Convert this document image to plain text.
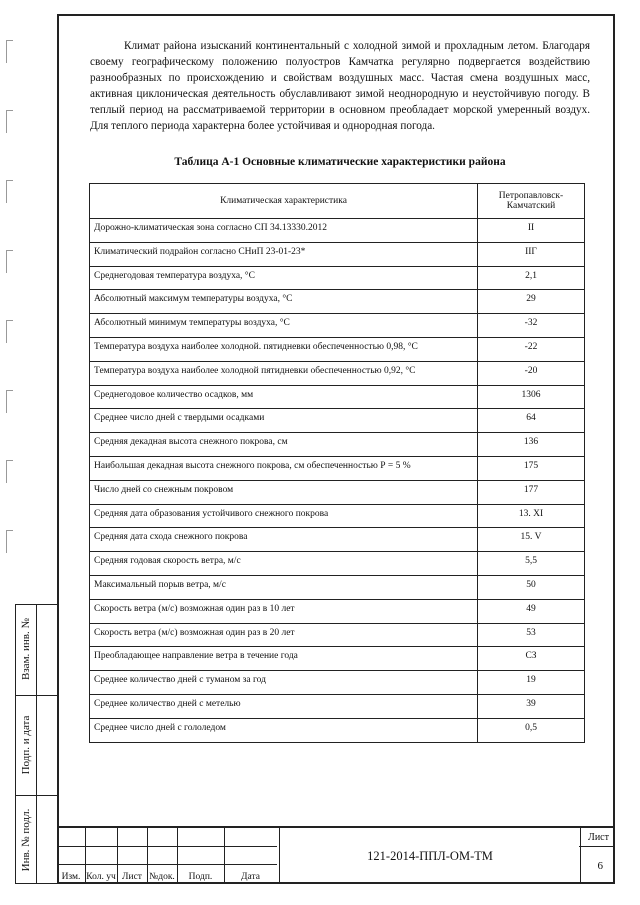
Взам. инв. №
Подп. и дата
Инв. № подл.

Климат района изысканий континентальный с холодной зимой и прохладным летом. Благодаря своему географическому положению полуостров Камчатка регулярно подвергается воздействию разнообразных по происхождению и свойствам воздушных масс. Частая смена воздушных масс, активная циклоническая деятельность обуславливают зимой неоднородную и неустойчивую погоду. В теплый период на рассматриваемой территории в основном преобладает морской умеренный воздух. Для теплого периода характерна более устойчивая и однородная погода.

Таблица А-1 Основные климатические характеристики района
Климатическая характеристика	Петропавловск-Камчатский
Дорожно-климатическая зона согласно СП 34.13330.2012	II
Климатический подрайон согласно СНиП 23-01-23*	IIГ
Среднегодовая температура воздуха, °С	2,1
Абсолютный максимум температуры воздуха, °С	29
Абсолютный минимум температуры воздуха, °С	-32
Температура воздуха наиболее холодной. пятидневки обеспеченностью 0,98, °С	-22
Температура воздуха наиболее холодной пятидневки обеспеченностью 0,92, °С	-20
Среднегодовое количество осадков, мм	1306
Среднее число дней с твердыми осадками	64
Средняя декадная высота снежного покрова, см	136
Наибольшая декадная высота снежного покрова, см обеспеченностью Р = 5 %	175
Число дней со снежным покровом	177
Средняя дата образования устойчивого снежного покрова	13. XI
Средняя дата схода снежного покрова	15. V
Средняя годовая скорость ветра, м/с	5,5
Максимальный порыв ветра, м/с	50
Скорость ветра (м/с) возможная один раз в 10 лет	49
Скорость ветра (м/с) возможная один раз в 20 лет	53
Преобладающее направление ветра в течение года	СЗ
Среднее количество дней с туманом за год	19
Среднее количество дней с метелью	39
Среднее число дней с гололедом	0,5
Изм. Кол. уч Лист №док.	Подп.	Дата
121-2014-ППЛ-ОМ-ТМ
Лист
6
